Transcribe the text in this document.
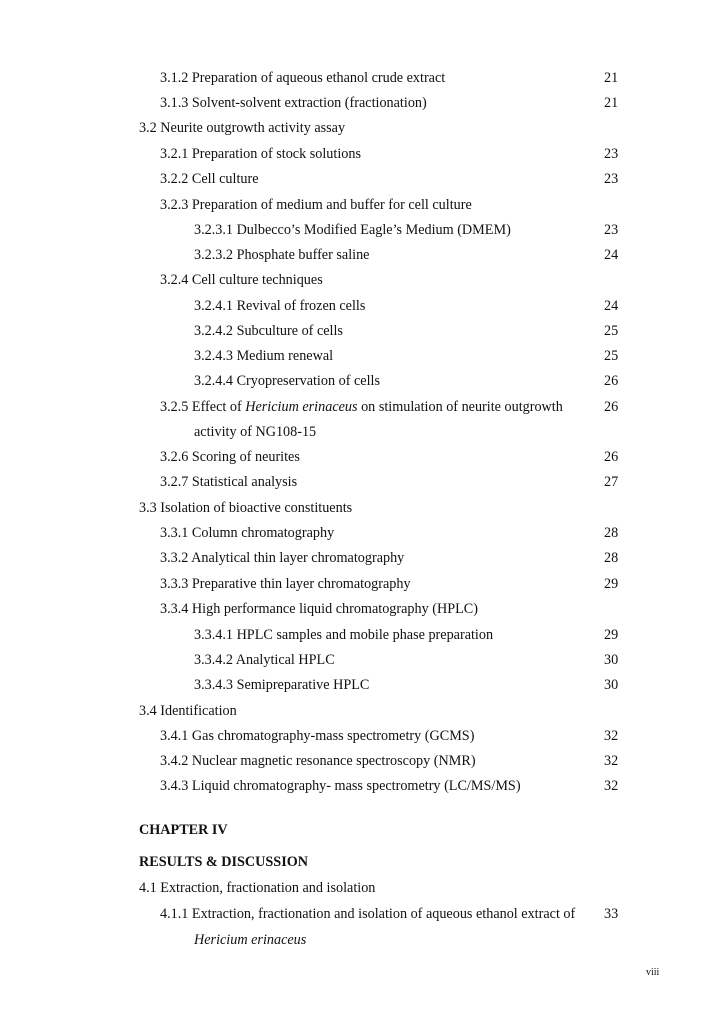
3.1.2 Preparation of aqueous ethanol crude extract	21
3.1.3 Solvent-solvent extraction (fractionation)	21
3.2 Neurite outgrowth activity assay
3.2.1 Preparation of stock solutions	23
3.2.2 Cell culture	23
3.2.3 Preparation of medium and buffer for cell culture
3.2.3.1 Dulbecco’s Modified Eagle’s Medium (DMEM)	23
3.2.3.2 Phosphate buffer saline	24
3.2.4 Cell culture techniques
3.2.4.1 Revival of frozen cells	24
3.2.4.2 Subculture of cells	25
3.2.4.3 Medium renewal	25
3.2.4.4 Cryopreservation of cells	26
3.2.5 Effect of Hericium erinaceus on stimulation of neurite outgrowth	26
activity of NG108-15
3.2.6 Scoring of neurites	26
3.2.7 Statistical analysis	27
3.3 Isolation of bioactive constituents
3.3.1 Column chromatography	28
3.3.2 Analytical thin layer chromatography	28
3.3.3 Preparative thin layer chromatography	29
3.3.4 High performance liquid chromatography (HPLC)
3.3.4.1 HPLC samples and mobile phase preparation	29
3.3.4.2 Analytical HPLC	30
3.3.4.3 Semipreparative HPLC	30
3.4 Identification
3.4.1 Gas chromatography-mass spectrometry (GCMS)	32
3.4.2 Nuclear magnetic resonance spectroscopy (NMR)	32
3.4.3 Liquid chromatography- mass spectrometry (LC/MS/MS)	32
CHAPTER IV
RESULTS & DISCUSSION
4.1 Extraction, fractionation and isolation
4.1.1 Extraction, fractionation and isolation of aqueous ethanol extract of 33
Hericium erinaceus
viii
